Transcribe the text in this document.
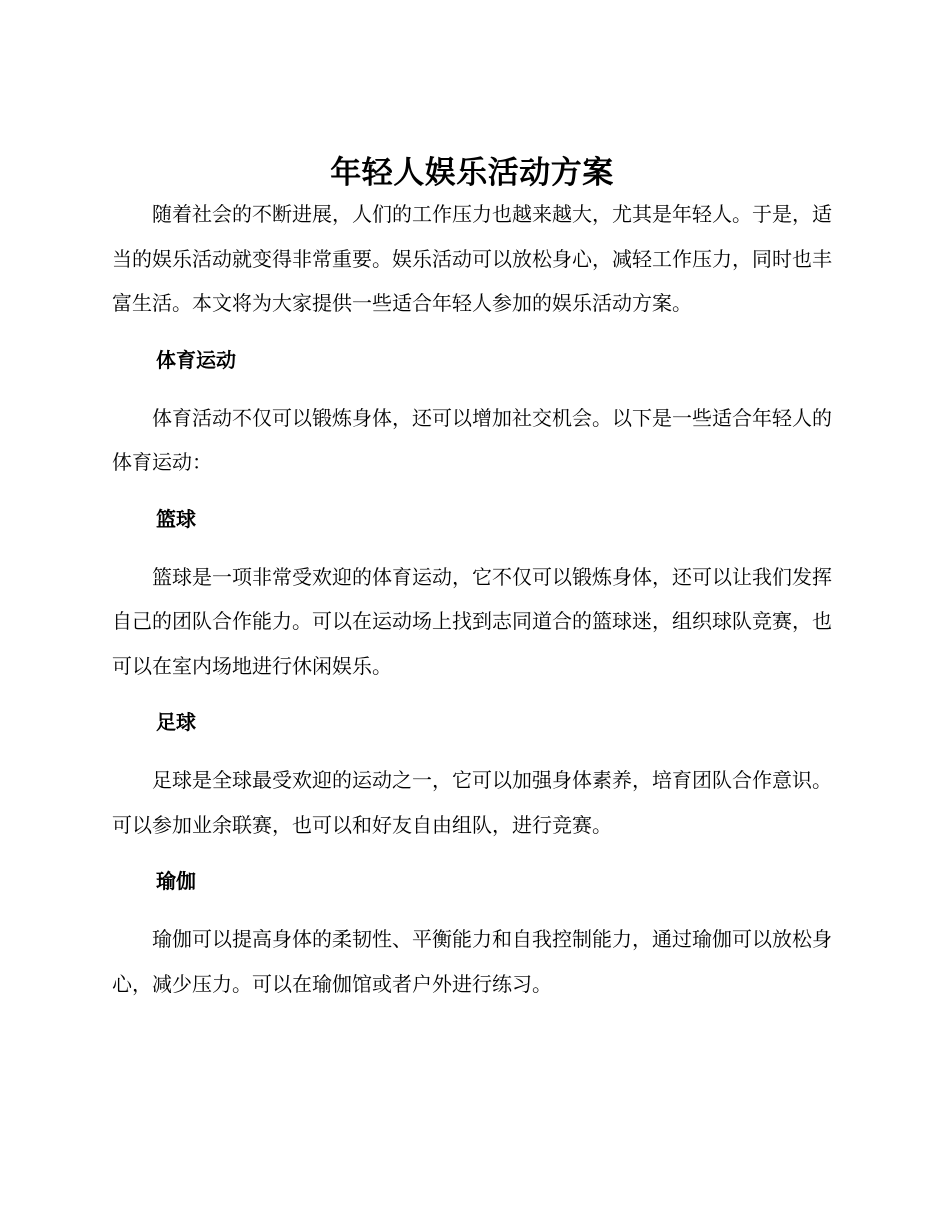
年轻人娱乐活动方案

随着社会的不断进展，人们的工作压力也越来越大，尤其是年轻人。于是，适当的娱乐活动就变得非常重要。娱乐活动可以放松身心，减轻工作压力，同时也丰富生活。本文将为大家提供一些适合年轻人参加的娱乐活动方案。

体育运动

体育活动不仅可以锻炼身体，还可以增加社交机会。以下是一些适合年轻人的体育运动：

篮球

篮球是一项非常受欢迎的体育运动，它不仅可以锻炼身体，还可以让我们发挥自己的团队合作能力。可以在运动场上找到志同道合的篮球迷，组织球队竞赛，也可以在室内场地进行休闲娱乐。

足球

足球是全球最受欢迎的运动之一，它可以加强身体素养，培育团队合作意识。可以参加业余联赛，也可以和好友自由组队，进行竞赛。

瑜伽

瑜伽可以提高身体的柔韧性、平衡能力和自我控制能力，通过瑜伽可以放松身心，减少压力。可以在瑜伽馆或者户外进行练习。
